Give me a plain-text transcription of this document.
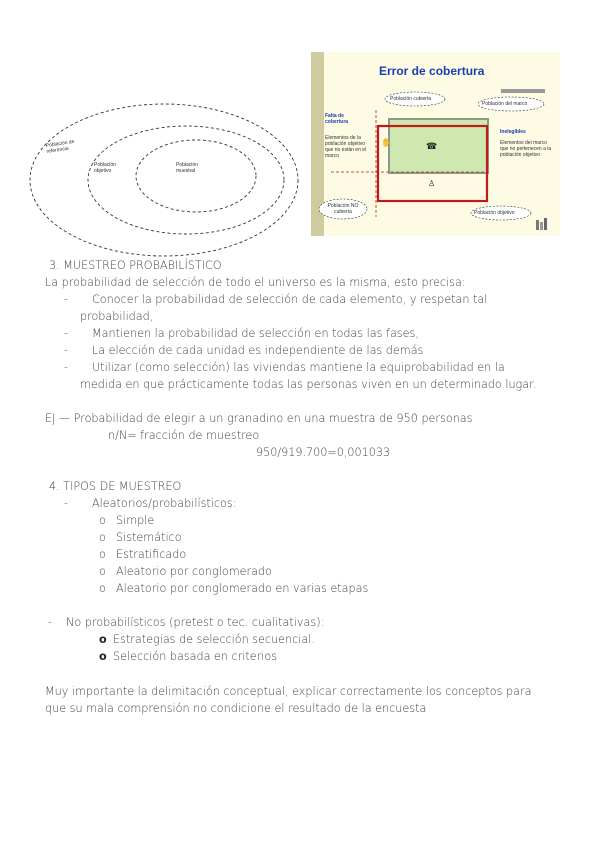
Población de referencia
Población objetivo
Población muestral
Error de cobertura
Población cubierta
Población del marco
Falta de cobertura
Elementos de la población objetivo que no están en el marco
Inelegibles
Elementos del marco que no pertenecen a la población objetivo
☎
♙
✋
Población NO cubierta	Población objetivo
3. MUESTREO PROBABILÍSTICO
La probabilidad de selección de todo el universo es la misma, esto precisa:
- Conocer la probabilidad de selección de cada elemento, y respetan tal
probabilidad,
- Mantienen la probabilidad de selección en todas las fases,
- La elección de cada unidad es independiente de las demás
- Utilizar (como selección) las viviendas mantiene la equiprobabilidad en la
medida en que prácticamente todas las personas viven en un determinado lugar.
EJ — Probabilidad de elegir a un granadino en una muestra de 950 personas
n/N= fracción de muestreo
950/919.700=0,001033
4. TIPOS DE MUESTREO
- Aleatorios/probabilísticos:
o Simple
o Sistemático
o Estratificado
o Aleatorio por conglomerado
o Aleatorio por conglomerado en varias etapas
- No probabilísticos (pretest o tec. cualitativas):
o Estrategias de selección secuencial.
o Selección basada en criterios
Muy importante la delimitación conceptual, explicar correctamente los conceptos para
que su mala comprensión no condicione el resultado de la encuesta
